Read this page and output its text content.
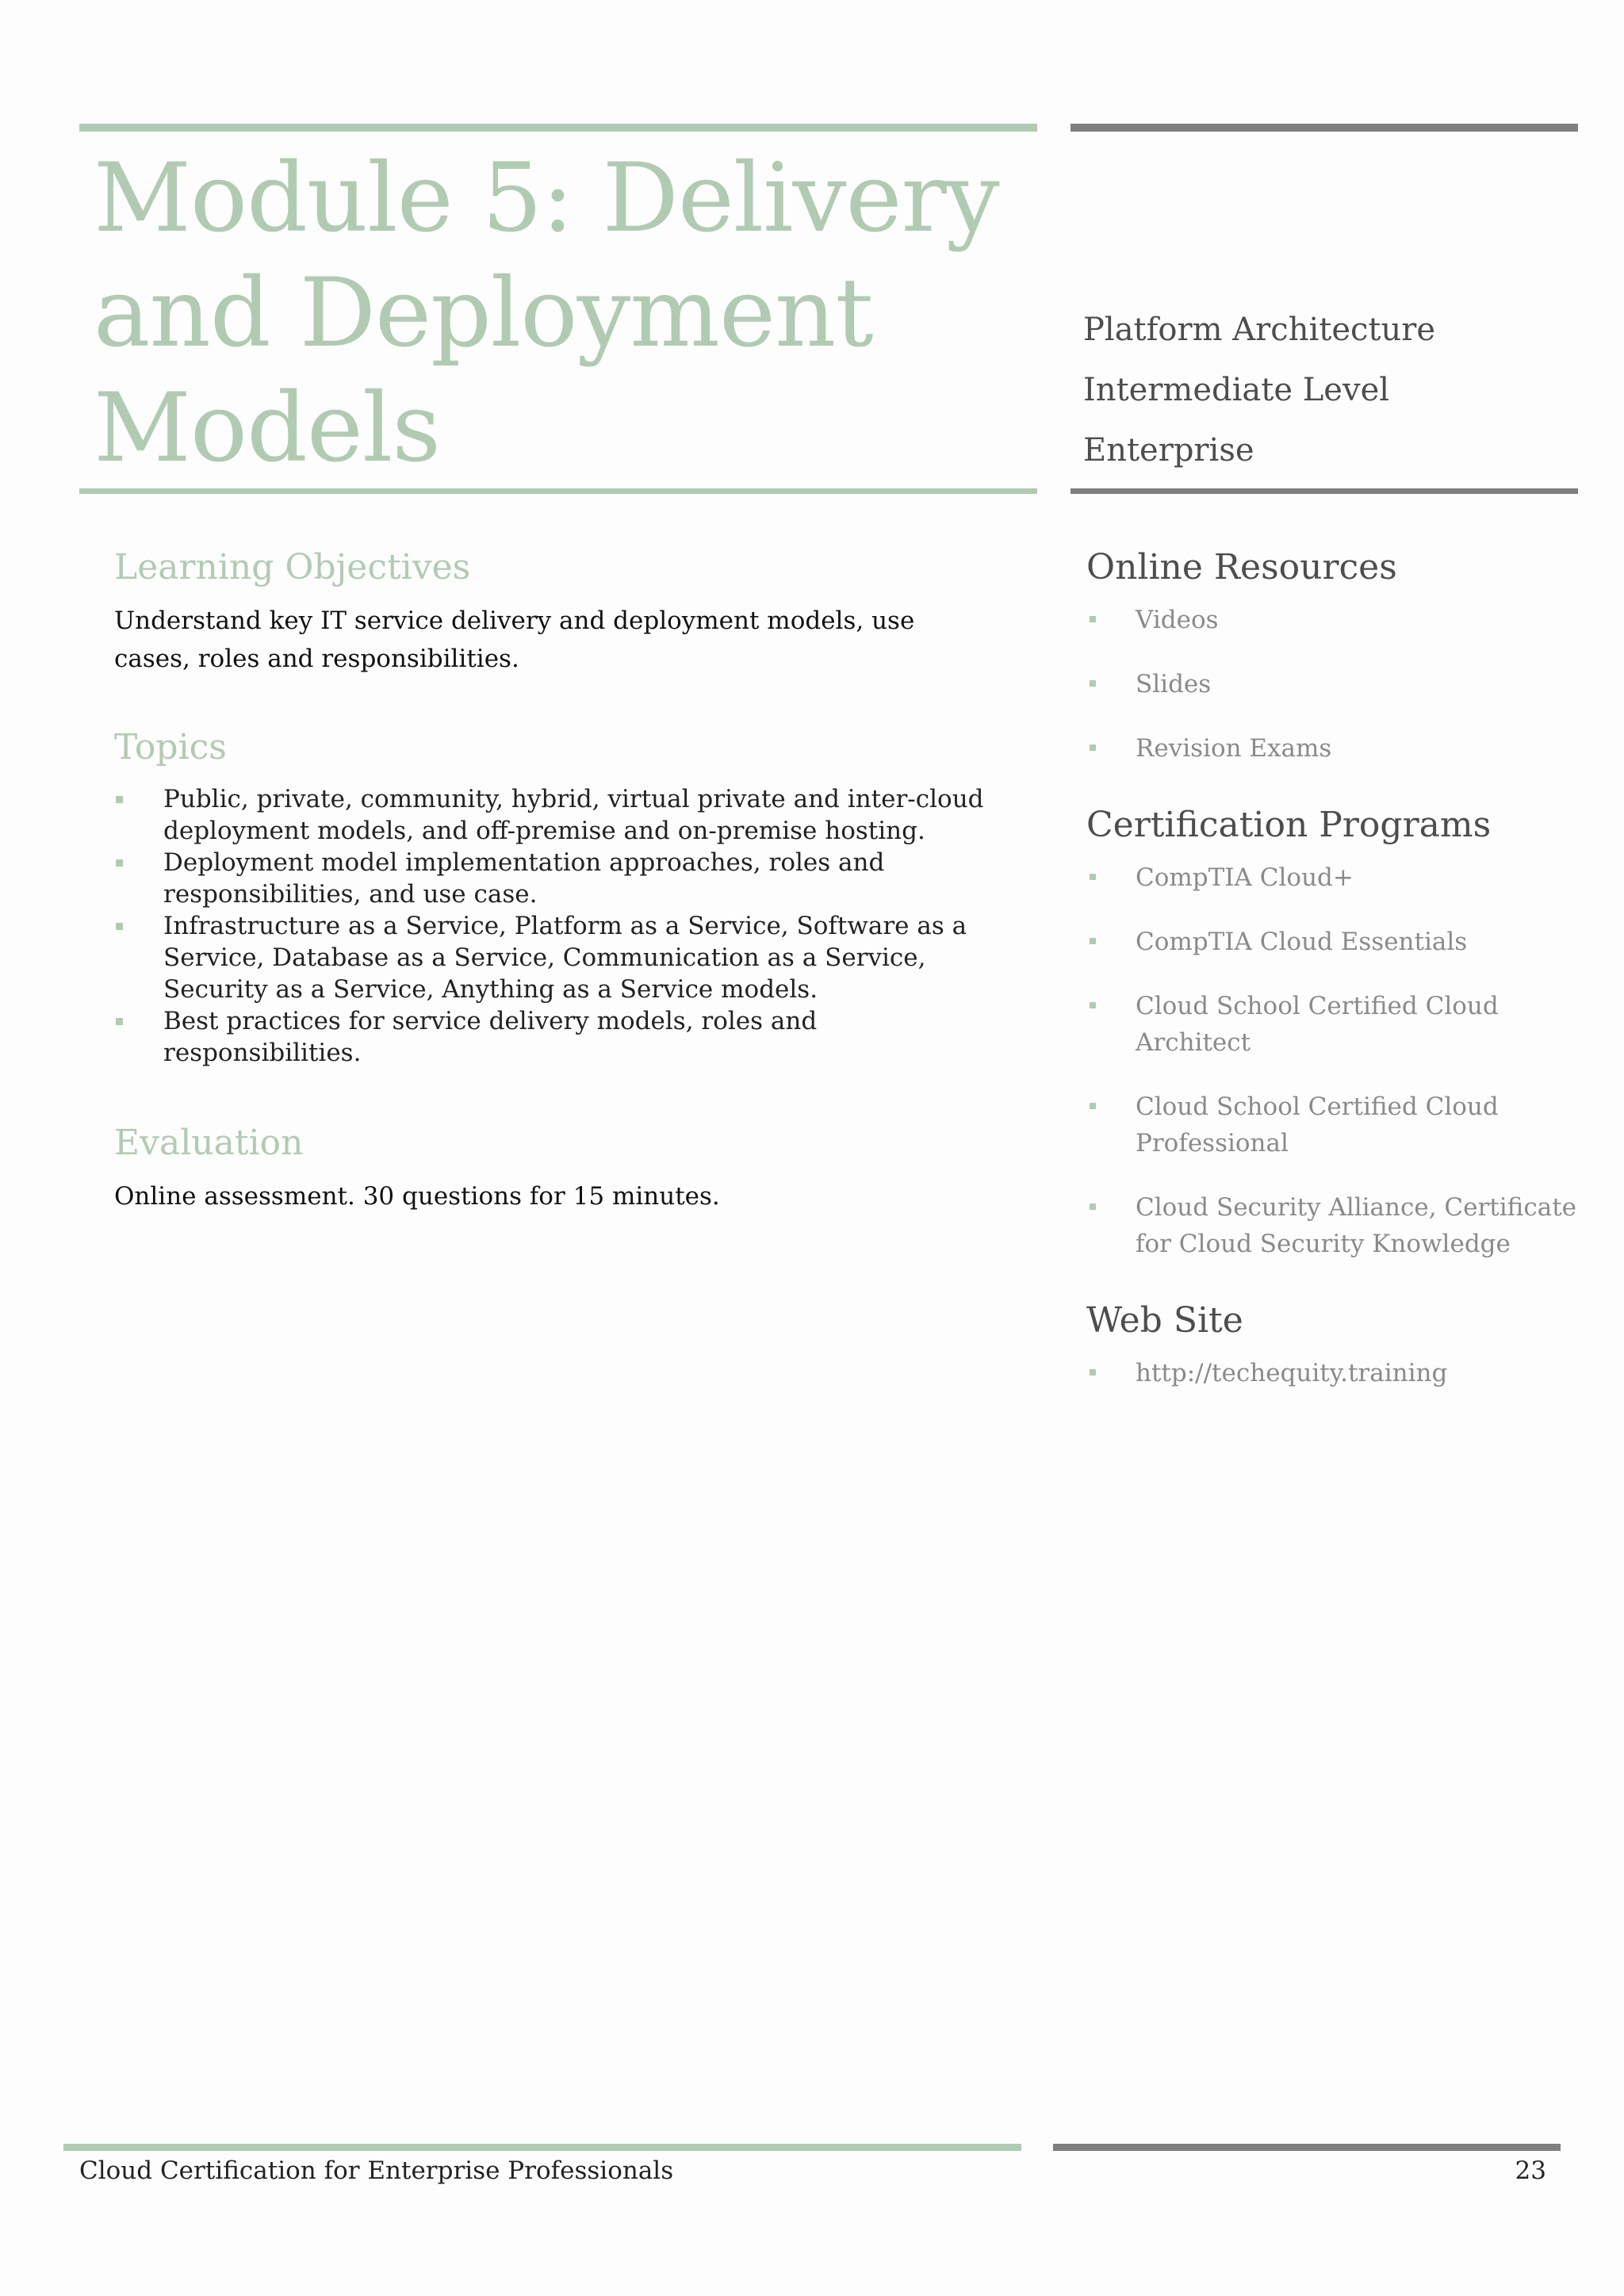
Module 5: Delivery and Deployment Models
Platform Architecture
Intermediate Level
Enterprise
Learning Objectives

Understand key IT service delivery and deployment models, use cases, roles and responsibilities.

Topics
Public, private, community, hybrid, virtual private and inter-cloud deployment models, and off-premise and on-premise hosting.
Deployment model implementation approaches, roles and responsibilities, and use case.
Infrastructure as a Service, Platform as a Service, Software as a Service, Database as a Service, Communication as a Service, Security as a Service, Anything as a Service models.
Best practices for service delivery models, roles and responsibilities.
Evaluation

Online assessment. 30 questions for 15 minutes.

Online Resources
Videos
Slides
Revision Exams
Certification Programs
CompTIA Cloud+
CompTIA Cloud Essentials
Cloud School Certified Cloud Architect
Cloud School Certified Cloud Professional
Cloud Security Alliance, Certificate for Cloud Security Knowledge
Web Site
http://techequity.training
Cloud Certification for Enterprise Professionals	23
